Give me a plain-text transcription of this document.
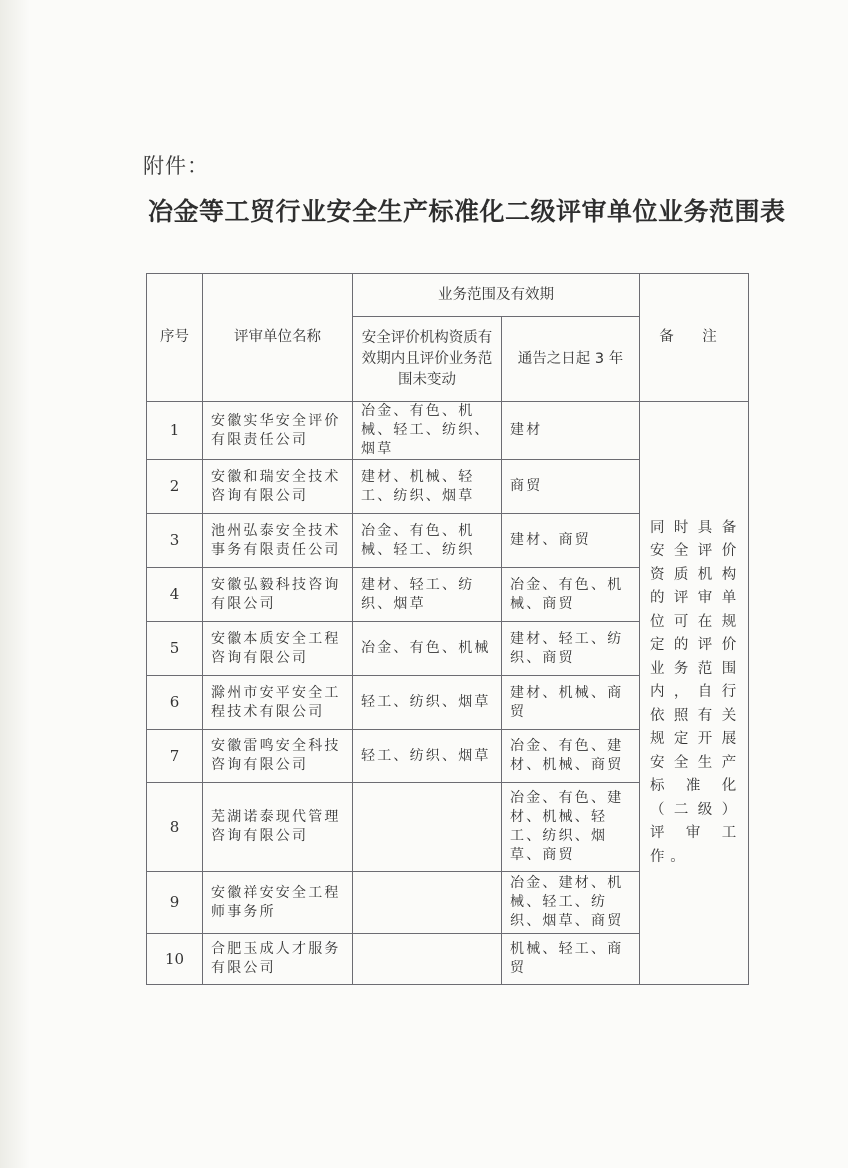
附件：
冶金等工贸行业安全生产标准化二级评审单位业务范围表
序号	评审单位名称	业务范围及有效期		备 注
		安全评价机构资质有效期内且评价业务范围未变动	通告之日起 3 年	
1	安徽实华安全评价有限责任公司	冶金、有色、机械、轻工、纺织、烟草	建材	同时具备安全评价资质机构的评审单位可在规定的评价业务范围内，自行依照有关规定开展安全生产标准化（二级）评审工作。
2	安徽和瑞安全技术咨询有限公司	建材、机械、轻工、纺织、烟草	商贸	
3	池州弘泰安全技术事务有限责任公司	冶金、有色、机械、轻工、纺织	建材、商贸	
4	安徽弘毅科技咨询有限公司	建材、轻工、纺织、烟草	冶金、有色、机械、商贸	
5	安徽本质安全工程咨询有限公司	冶金、有色、机械	建材、轻工、纺织、商贸	
6	滁州市安平安全工程技术有限公司	轻工、纺织、烟草	建材、机械、商贸	
7	安徽雷鸣安全科技咨询有限公司	轻工、纺织、烟草	冶金、有色、建材、机械、商贸	
8	芜湖诺泰现代管理咨询有限公司		冶金、有色、建材、机械、轻工、纺织、烟草、商贸	
9	安徽祥安安全工程师事务所		冶金、建材、机械、轻工、纺织、烟草、商贸	
10	合肥玉成人才服务有限公司		机械、轻工、商贸	
